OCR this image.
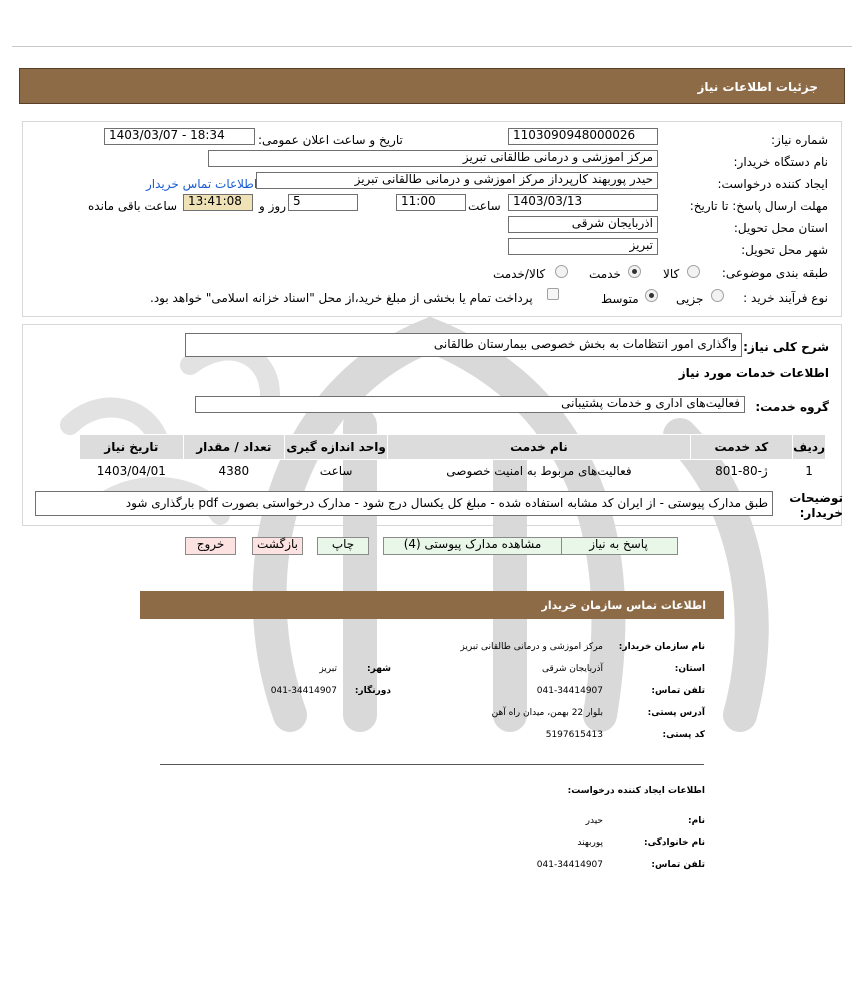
جزئیات اطلاعات نیاز
شماره نیاز:
1103090948000026
تاریخ و ساعت اعلان عمومی:
1403/03/07 - 18:34
نام دستگاه خریدار:
مرکز اموزشی و درمانی طالقانی تبریز
ایجاد کننده درخواست:
حیدر پوربهند کارپرداز مرکز اموزشی و درمانی طالقانی تبریز
اطلاعات تماس خریدار
مهلت ارسال پاسخ: تا تاریخ:
1403/03/13
ساعت
11:00
5
روز و
13:41:08
ساعت باقی مانده
استان محل تحویل:
اذربایجان شرقی
شهر محل تحویل:
تبریز
طبقه بندی موضوعی:
کالا
خدمت
کالا/خدمت
نوع فرآیند خرید :
جزیی
متوسط
پرداخت تمام یا بخشی از مبلغ خرید،از محل "اسناد خزانه اسلامی" خواهد بود.
شرح کلی نیاز:
واگذاری امور انتظامات به بخش خصوصی بیمارستان طالقانی
اطلاعات خدمات مورد نیاز
گروه خدمت:
فعالیت‌های اداری و خدمات پشتیبانی
ردیف	کد خدمت	نام خدمت	واحد اندازه گیری	تعداد / مقدار	تاریخ نیاز
1	ژ-80-801	فعالیت‌های مربوط به امنیت خصوصی	ساعت	4380	1403/04/01
توضیحات خریدار:
طبق مدارک پیوستی - از ایران کد مشابه استفاده شده - مبلغ کل یکسال درج شود - مدارک درخواستی بصورت pdf بارگذاری شود
پاسخ به نیاز
مشاهده مدارک پیوستی (4)
چاپ
بازگشت
خروج
اطلاعات تماس سازمان خریدار
نام سازمان خریدار:
مرکز اموزشی و درمانی طالقانی تبریز
استان:
آذربایجان شرقی
شهر:
تبریز
تلفن تماس:
041-34414907
دورنگار:
041-34414907
آدرس پستی:
بلوار 22 بهمن، میدان راه آهن
کد پستی:
5197615413
اطلاعات ایجاد کننده درخواست:
نام:
حیدر
نام خانوادگی:
پوربهند
تلفن تماس:
041-34414907
